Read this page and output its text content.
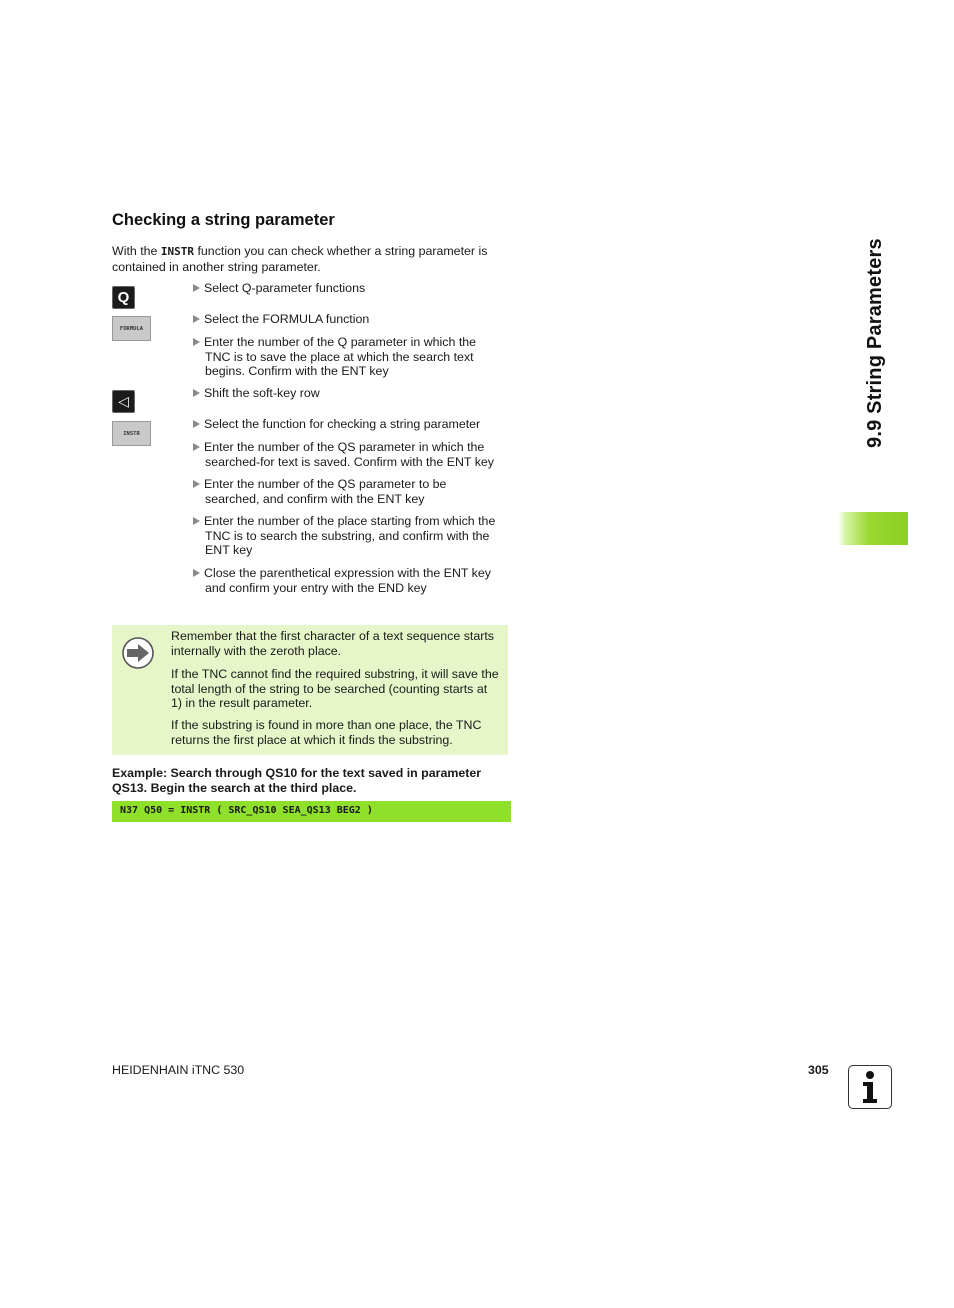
Checking a string parameter
With the INSTR function you can check whether a string parameter is contained in another string parameter.
Q
FORMULA
◁
INSTR
Select Q-parameter functions
Select the FORMULA function
Enter the number of the Q parameter in which the
TNC is to save the place at which the search text begins. Confirm with the ENT key
Shift the soft-key row
Select the function for checking a string parameter
Enter the number of the QS parameter in which the
searched-for text is saved. Confirm with the ENT key
Enter the number of the QS parameter to be
searched, and confirm with the ENT key
Enter the number of the place starting from which the
TNC is to search the substring, and confirm with the ENT key
Close the parenthetical expression with the ENT key
and confirm your entry with the END key
Remember that the first character of a text sequence starts internally with the zeroth place.
If the TNC cannot find the required substring, it will save the total length of the string to be searched (counting starts at 1) in the result parameter.
If the substring is found in more than one place, the TNC returns the first place at which it finds the substring.
Example: Search through QS10 for the text saved in parameter QS13. Begin the search at the third place.
N37 Q50 = INSTR ( SRC_QS10 SEA_QS13 BEG2 )
9.9 String Parameters
HEIDENHAIN iTNC 530	305
